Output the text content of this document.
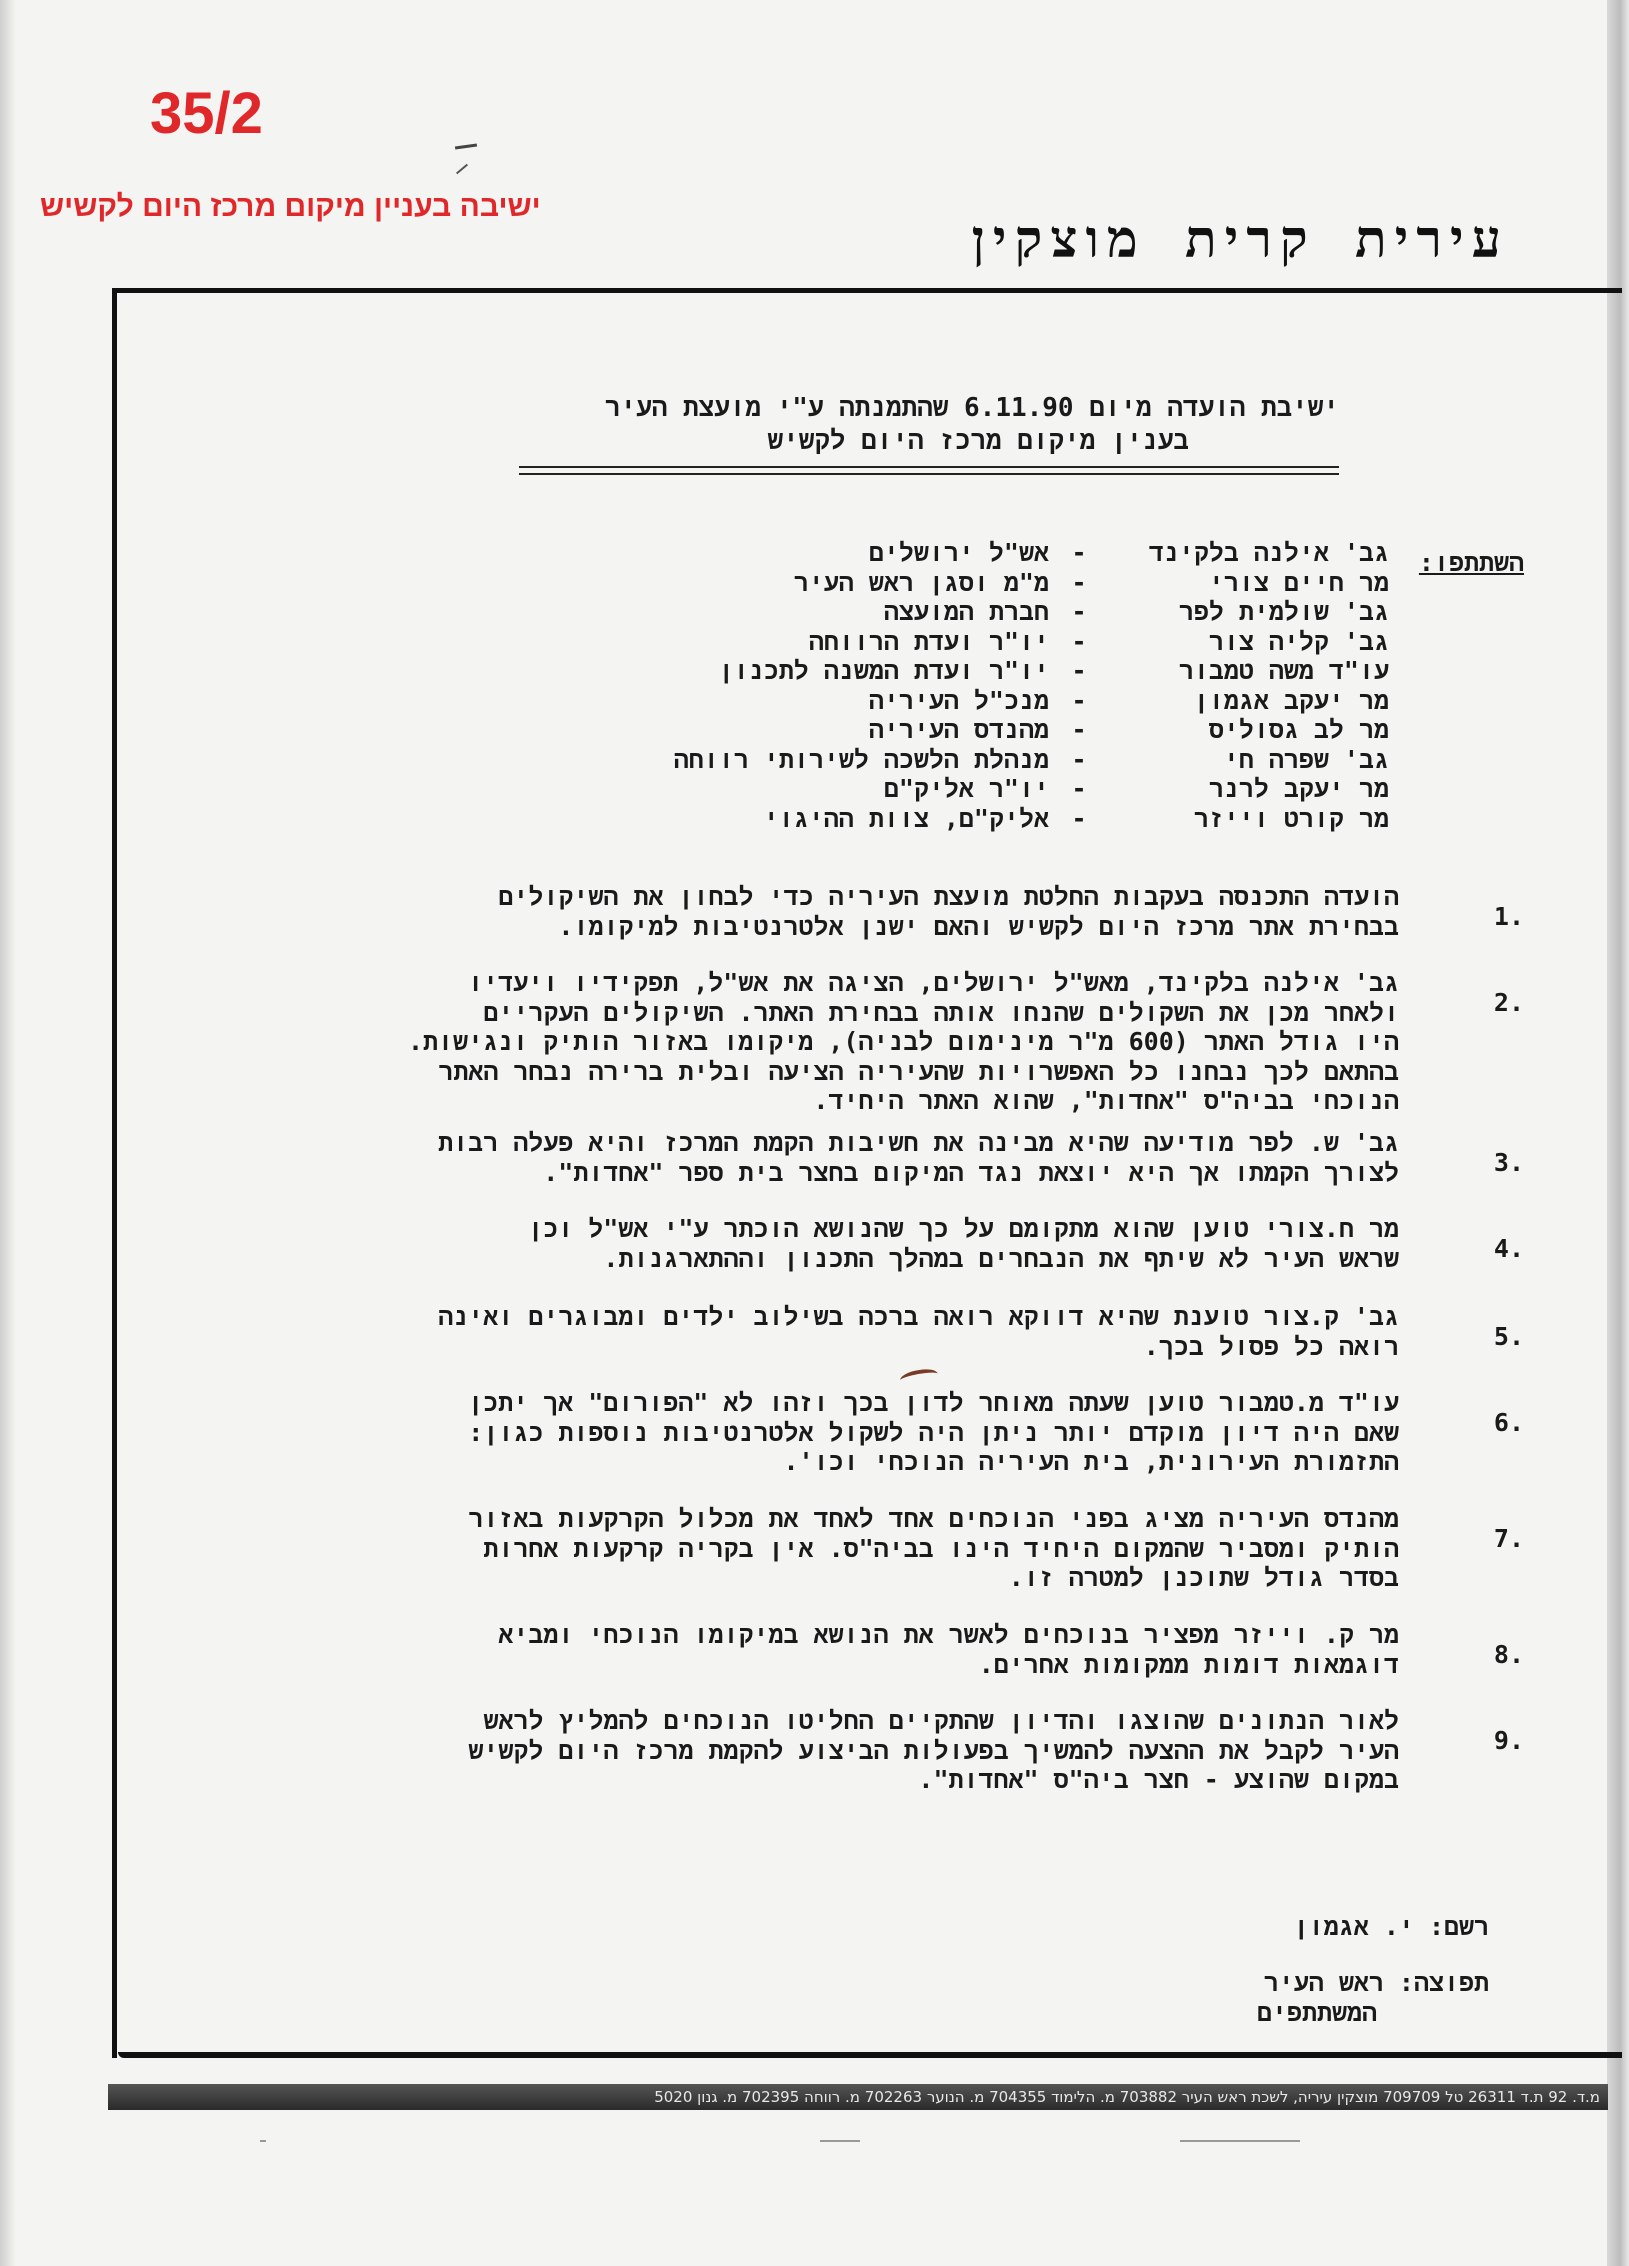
35/2
ישיבה בעניין מיקום מרכז היום לקשיש
עירית קרית מוצקין
ישיבת הועדה מיום 6.11.90 שהתמנתה ע"י מועצת העיר
בענין מיקום מרכז היום לקשיש
השתתפו:
גב' אילנה בלקינד
-
אש"ל ירושלים
מר חיים צורי
-
מ"מ וסגן ראש העיר
גב' שולמית לפר
-
חברת המועצה
גב' קליה צור
-
יו"ר ועדת הרווחה
עו"ד משה טמבור
-
יו"ר ועדת המשנה לתכנון
מר יעקב אגמון
-
מנכ"ל העיריה
מר לב גסוליס
-
מהנדס העיריה
גב' שפרה חי
-
מנהלת הלשכה לשירותי רווחה
מר יעקב לרנר
-
יו"ר אליק"ם
מר קורט וייזר
-
אליק"ם, צוות ההיגוי
.1
הועדה התכנסה בעקבות החלטת מועצת העיריה כדי לבחון את השיקולים
בבחירת אתר מרכז היום לקשיש והאם ישנן אלטרנטיבות למיקומו.
.2
גב' אילנה בלקינד, מאש"ל ירושלים, הציגה את אש"ל, תפקידיו ויעדיו
ולאחר מכן את השקולים שהנחו אותה בבחירת האתר. השיקולים העקריים
היו גודל האתר (600 מ"ר מינימום לבניה), מיקומו באזור הותיק ונגישות.
בהתאם לכך נבחנו כל האפשרויות שהעיריה הציעה ובלית ברירה נבחר האתר
הנוכחי בביה"ס "אחדות", שהוא האתר היחיד.
.3
גב' ש. לפר מודיעה שהיא מבינה את חשיבות הקמת המרכז והיא פעלה רבות
לצורך הקמתו אך היא יוצאת נגד המיקום בחצר בית ספר "אחדות".
.4
מר ח.צורי טוען שהוא מתקומם על כך שהנושא הוכתר ע"י אש"ל וכן
שראש העיר לא שיתף את הנבחרים במהלך התכנון וההתארגנות.
.5
גב' ק.צור טוענת שהיא דווקא רואה ברכה בשילוב ילדים ומבוגרים ואינה
רואה כל פסול בכך.
.6
עו"ד מ.טמבור טוען שעתה מאוחר לדון בכך וזהו לא "הפורום" אך יתכן
שאם היה דיון מוקדם יותר ניתן היה לשקול אלטרנטיבות נוספות כגון:
התזמורת העירונית, בית העיריה הנוכחי וכו'.
.7
מהנדס העיריה מציג בפני הנוכחים אחד לאחד את מכלול הקרקעות באזור
הותיק ומסביר שהמקום היחיד הינו בביה"ס. אין בקריה קרקעות אחרות
בסדר גודל שתוכנן למטרה זו.
.8
מר ק. וייזר מפציר בנוכחים לאשר את הנושא במיקומו הנוכחי ומביא
דוגמאות דומות ממקומות אחרים.
.9
לאור הנתונים שהוצגו והדיון שהתקיים החליטו הנוכחים להמליץ לראש
העיר לקבל את ההצעה להמשיך בפעולות הביצוע להקמת מרכז היום לקשיש
במקום שהוצע - חצר ביה"ס "אחדות".
רשם: י. אגמון
תפוצה: ראש העיר
המשתתפים
מ.ד. 92 ת.ד 26311 טל 709709 מוצקין עיריה, לשכת ראש העיר 703882 מ. הלימוד 704355 מ. הנוער 702263 מ. רווחה 702395 מ. גנון 5020
